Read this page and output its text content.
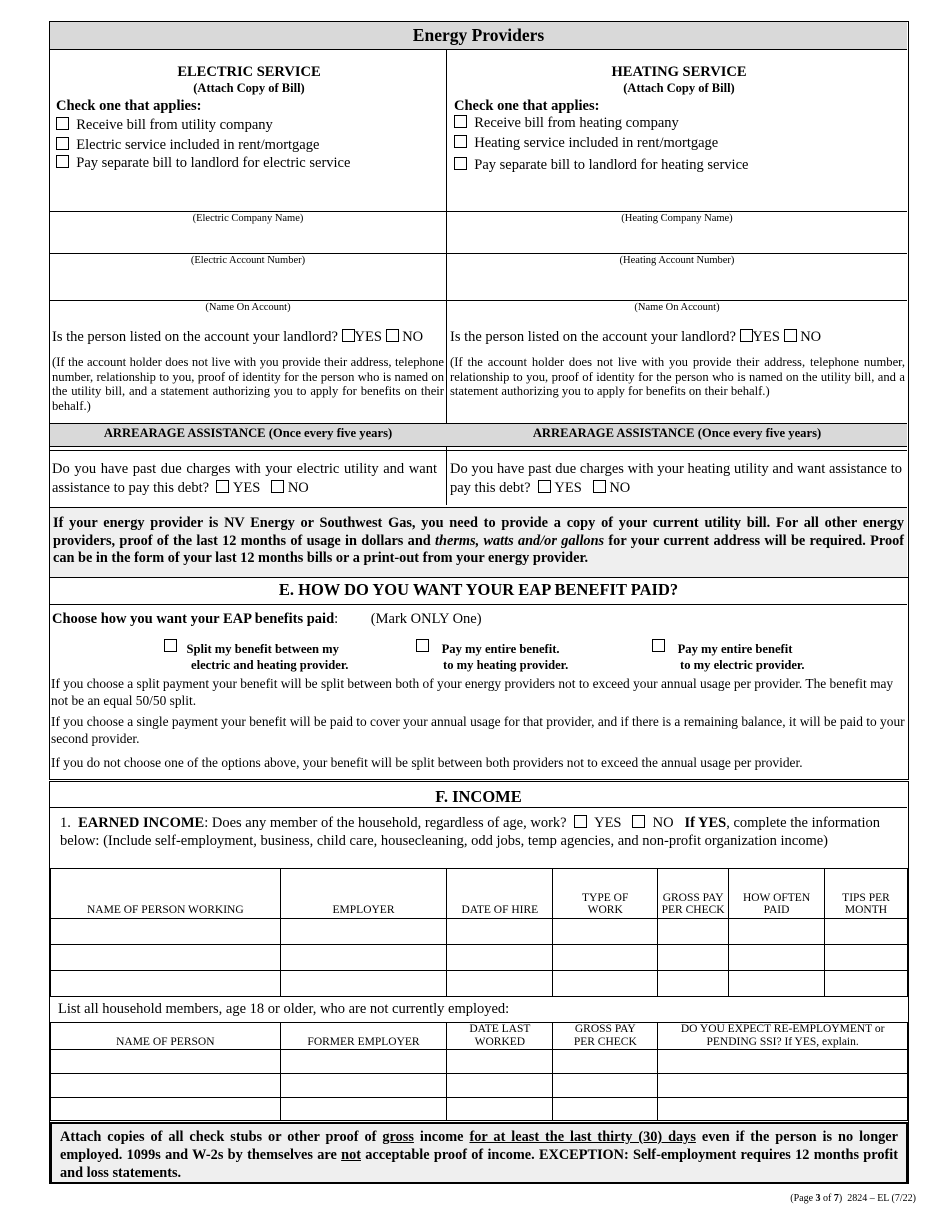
Energy Providers
ELECTRIC SERVICE
(Attach Copy of Bill)
Check one that applies:
Receive bill from utility company
Electric service included in rent/mortgage
Pay separate bill to landlord for electric service
HEATING SERVICE
(Attach Copy of Bill)
Check one that applies:
Receive bill from heating company
Heating service included in rent/mortgage
Pay separate bill to landlord for heating service
(Electric Company Name)	(Heating Company Name)
(Electric Account Number)	(Heating Account Number)
(Name On Account)	(Name On Account)
Is the person listed on the account your landlord? YES NO	Is the person listed on the account your landlord? YES NO
(If the account holder does not live with you provide their address, telephone number, relationship to you, proof of identity for the person who is named on the utility bill, and a statement authorizing you to apply for benefits on their behalf.)
(If the account holder does not live with you provide their address, telephone number, relationship to you, proof of identity for the person who is named on the utility bill, and a statement authorizing you to apply for benefits on their behalf.)
ARREARAGE ASSISTANCE (Once every five years)	ARREARAGE ASSISTANCE (Once every five years)
Do you have past due charges with your electric utility and want assistance to pay this debt? YES NO
Do you have past due charges with your heating utility and want assistance to pay this debt? YES NO
If your energy provider is NV Energy or Southwest Gas, you need to provide a copy of your current utility bill. For all other energy providers, proof of the last 12 months of usage in dollars and therms, watts and/or gallons for your current address will be required. Proof can be in the form of your last 12 months bills or a print-out from your energy provider.
E. HOW DO YOU WANT YOUR EAP BENEFIT PAID?
Choose how you want your EAP benefits paid: (Mark ONLY One)
Split my benefit between my
electric and heating provider.
Pay my entire benefit.
to my heating provider.
Pay my entire benefit
to my electric provider.
If you choose a split payment your benefit will be split between both of your energy providers not to exceed your annual usage per provider. The benefit may not be an equal 50/50 split.
If you choose a single payment your benefit will be paid to cover your annual usage for that provider, and if there is a remaining balance, it will be paid to your second provider.
If you do not choose one of the options above, your benefit will be split between both providers not to exceed the annual usage per provider.
F. INCOME
1. EARNED INCOME: Does any member of the household, regardless of age, work? YES NO If YES, complete the information below: (Include self-employment, business, child care, housecleaning, odd jobs, temp agencies, and non-profit organization income)
NAME OF PERSON WORKING	EMPLOYER	DATE OF HIRE	TYPE OF WORK	GROSS PAY PER CHECK	HOW OFTEN PAID	TIPS PER MONTH

List all household members, age 18 or older, who are not currently employed:
NAME OF PERSON	FORMER EMPLOYER	DATE LAST WORKED	GROSS PAY PER CHECK	DO YOU EXPECT RE-EMPLOYMENT or PENDING SSI? If YES, explain.

Attach copies of all check stubs or other proof of gross income for at least the last thirty (30) days even if the person is no longer employed. 1099s and W-2s by themselves are not acceptable proof of income. EXCEPTION: Self-employment requires 12 months profit and loss statements.
(Page 3 of 7) 2824 – EL (7/22)
